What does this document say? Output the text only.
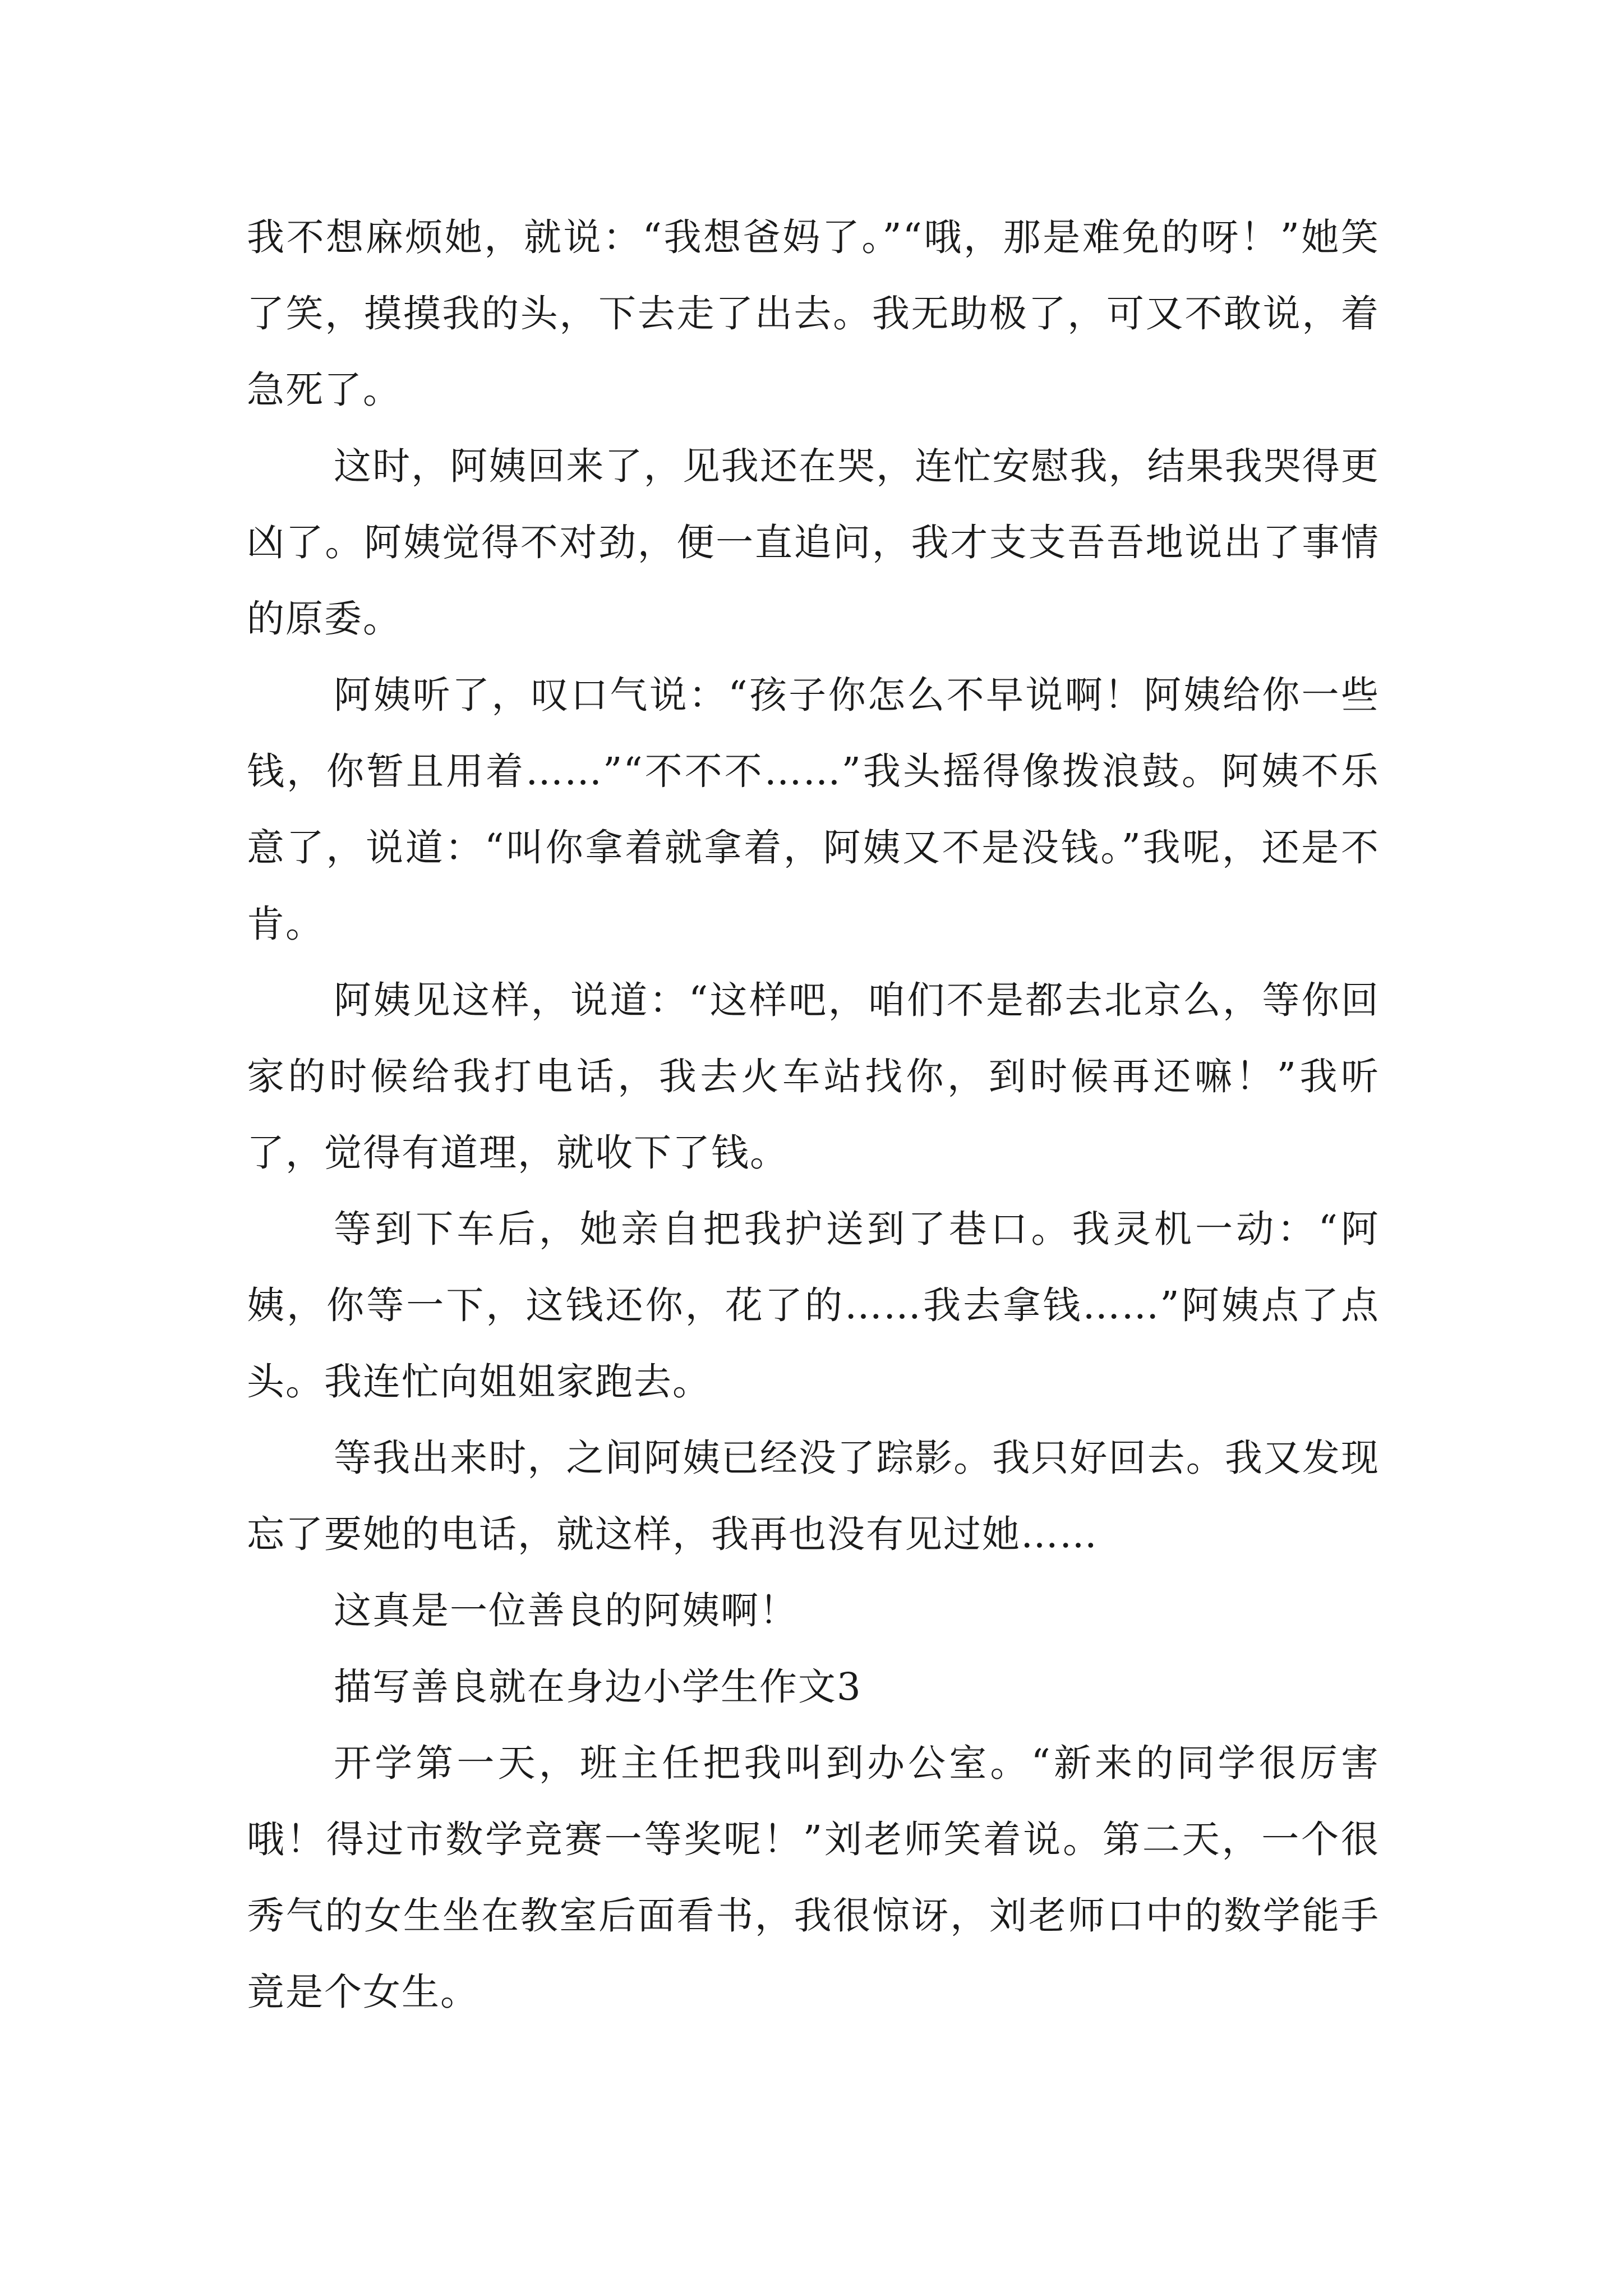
我不想麻烦她，就说：“我想爸妈了。”“哦，那是难免的呀！”她笑了笑，摸摸我的头，下去走了出去。我无助极了，可又不敢说，着急死了。

这时，阿姨回来了，见我还在哭，连忙安慰我，结果我哭得更凶了。阿姨觉得不对劲，便一直追问，我才支支吾吾地说出了事情的原委。

阿姨听了，叹口气说：“孩子你怎么不早说啊！阿姨给你一些钱，你暂且用着……”“不不不……”我头摇得像拨浪鼓。阿姨不乐意了，说道：“叫你拿着就拿着，阿姨又不是没钱。”我呢，还是不肯。

阿姨见这样，说道：“这样吧，咱们不是都去北京么，等你回家的时候给我打电话，我去火车站找你，到时候再还嘛！”我听了，觉得有道理，就收下了钱。

等到下车后，她亲自把我护送到了巷口。我灵机一动：“阿姨，你等一下，这钱还你，花了的……我去拿钱……”阿姨点了点头。我连忙向姐姐家跑去。

等我出来时，之间阿姨已经没了踪影。我只好回去。我又发现忘了要她的电话，就这样，我再也没有见过她……

这真是一位善良的阿姨啊！

描写善良就在身边小学生作文3

开学第一天，班主任把我叫到办公室。“新来的同学很厉害哦！得过市数学竞赛一等奖呢！”刘老师笑着说。第二天，一个很秀气的女生坐在教室后面看书，我很惊讶，刘老师口中的数学能手竟是个女生。
